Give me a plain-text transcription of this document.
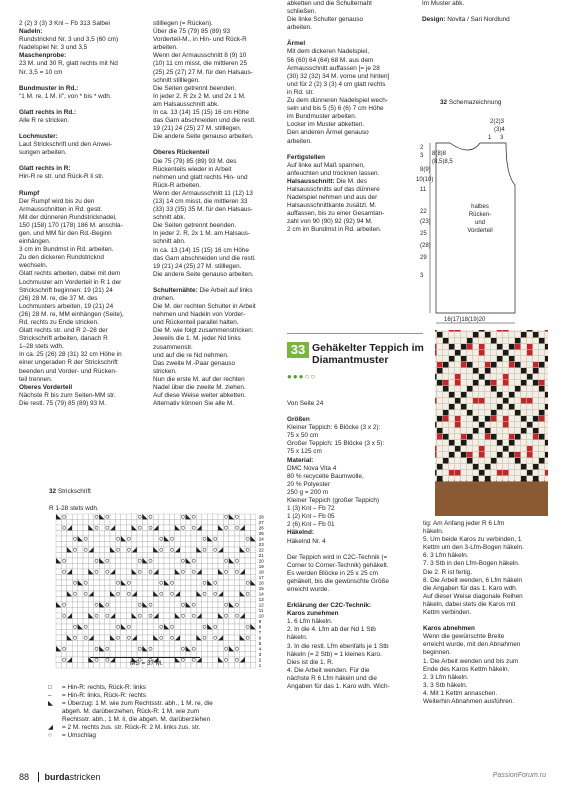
2 (2) 3 (3) 3 Knl – Fb 313 Salbei

Nadeln:

Rundstricknd Nr. 3 und 3,5 (60 cm)

Nadelspiel Nr. 3 und 3,5

Maschenprobe:

23 M. und 30 R, glatt rechts mit Nd

Nr. 3,5 = 10 cm

Bundmuster in Rd.:

"1 M. re, 1 M. li", von * bis * wdh.

Glatt rechts in Rd.:

Alle R re stricken.

Lochmuster:

Laut Strickschrift und den Anwei-

sungen arbeiten.

Glatt rechts in R:

Hin-R re str. und Rück-R li str.

Rumpf

Der Rumpf wird bis zu den

Armausschnitten in Rd. gestr.

Mit der dünneren Rundstricknadel,

150 (158) 170 (178) 186 M. anschla-

gen. und MM für den Rd.-Beginn

einhängen.

3 cm im Bundmst in Rd. arbeiten.

Zu den dickeren Rundstricknd

wechseln.

Glatt rechts arbeiten, dabei mit dem

Lochmuster am Vorderteil in R 1 der

Strickschrift beginnen: 19 (21) 24

(26) 28 M. re, die 37 M. des

Lochmusters arbeiten, 19 (21) 24

(26) 28 M. re, MM einhängen (Seite),

Rd. rechts zu Ende stricken.

Glatt rechts str. und R 2–28 der

Strickschrift arbeiten, danach R

1–28 stets wdh.

In ca. 25 (26) 28 (31) 32 cm Höhe in

einer ungeraden R der Strickschrift

beenden und Vorder- und Rücken-

teil trennen.

Oberes Vorderteil

Nächste R bis zum Seiten-MM str.

Die restl. 75 (79) 85 (89) 93 M.

stilllegen (= Rücken).

Über die 75 (79) 85 (89) 93

Vorderteil-M., in Hin- und Rück-R

arbeiten.

Wenn der Armausschnitt 8 (9) 10

(10) 11 cm misst, die mittleren 25

(25) 25 (27) 27 M. für den Halsaus-

schnitt stilllegen.

Die Seiten getrennt beenden.

In jeder 2. R 2x 2 M. und 2x 1 M.

am Halsausschnitt abk.

In ca. 13 (14) 15 (15) 16 cm Höhe

das Garn abschneiden und die restl.

19 (21) 24 (25) 27 M. stilllegen.

Die andere Seite genauso arbeiten.

Oberes Rückenteil

Die 75 (79) 85 (89) 93 M. des

Rückenteils wieder in Arbeit

nehmen und glatt rechts Hin- und

Rück-R arbeiten.

Wenn der Armausschnitt 11 (12) 13

(13) 14 cm misst, die mittleren 33

(33) 33 (35) 35 M. für den Halsaus-

schnitt abk.

Die Seiten getrennt beenden.

In jeder 2. R, 2x 1 M. am Halsaus-

schnitt abn.

In ca. 13 (14) 15 (15) 16 cm Höhe

das Garn abschneiden und die restl.

19 (21) 24 (25) 27 M. stilllegen.

Die andere Seite genauso arbeiten.

Schulternähte: Die Arbeit auf links

drehen.

Die M. der rechten Schulter in Arbeit

nehmen und Nadeln von Vorder-

und Rückenteil parallel halten.

Die M. wie folgt zusammenstricken:

Jeweils die 1. M. jeder Nd links

zusammenstr.

und auf die re Nd nehmen.

Das zweite M.-Paar genauso

stricken.

Nun die erste M. auf der rechten

Nadel über die zweite M. ziehen.

Auf diese Weise weiter abketten.

Alternativ können Sie alle M.

abketten und die Schulternaht

schließen.

Die linke Schulter genauso

arbeiten.

Ärmel

Mit dem dickeren Nadelspiel,

56 (60) 64 (64) 68 M. aus dem

Armausschnitt auffassen [= je 28

(30) 32 (32) 34 M. vorne und hinten]

und für 2 (2) 3 (3) 4 cm glatt rechts

in Rd. str.

Zu dem dünneren Nadelspiel wech-

seln und bis 5 (5) 6 (6) 7 cm Höhe

im Bundmuster arbeiten.

Locker im Muster abketten.

Den anderen Ärmel genauso

arbeiten.

Fertigstellen

Auf linke auf Maß spannen,

anfeuchten und trocknen lassen.

Halsausschnitt: Die M. des

Halsausschnitts auf das dünnere

Nadelspiel nehmen und aus der

Halsausschnittkante zusätzl. M.

auffassen, bis zu einer Gesamtan-

zahl von 90 (90) 92 (92) 94 M.

2 cm im Bundmst in Rd. arbeiten.

Im Muster abk.

Design: Novita / Sari Nordlund

33 Gehäkelter Teppich im
Diamantmuster
●●●○○

Von Seite 24

Größen

Kleiner Teppich: 6 Blöcke (3 x 2):

75 x 50 cm

Großer Teppich: 15 Blöcke (3 x 5):

75 x 125 cm

Material:

DMC Nova Vita 4

80 % recycelte Baumwolle,

20 % Polyester

250 g = 200 m

Kleiner Teppich (großer Teppich)

1 (3) Knl – Fb 72

1 (2) Knl – Fb 05

2 (6) Knl – Fb 01

Häkelnd:

Häkelnd Nr. 4

Der Teppich wird in C2C-Technik (=

Corner to Corner-Technik) gehäkelt.

Es werden Blöcke in 25 x 25 cm

gehäkelt, bis die gewünschte Größe

erreicht wurde.

Erklärung der C2C-Technik:

Karos zunehmen

1. 6 Lfm häkeln.

2. In die 4. Lfm ab der Nd 1 Stb

häkeln.

3. In die restl. Lfm ebenfalls je 1 Stb

häkeln (= 2 Stb) = 1 kleines Karo.

Dies ist die 1. R.

4. Die Arbeit wenden. Für die

nächste R 6 Lfm häkeln und die

Angaben für das 1. Karo wdh. Wich-

tig: Am Anfang jeder R 6 Lfm

häkeln.

5. Um beide Karos zu verbinden, 1

Kettm um den 3-Lfm-Bogen häkeln.

6. 3 Lfm häkeln.

7. 3 Stb in den Lfm-Bogen häkeln.

Die 2. R ist fertig.

8. Die Arbeit wenden, 6 Lfm häkeln

die Angaben für das 1. Karo wdh.

Auf dieser Weise diagonale Reihen

häkeln, dabei stets die Karos mit

Kettm verbinden.

Karos abnehmen

Wenn die gewünschte Breite

erreicht wurde, mit den Abnahmen

beginnen.

1. Die Arbeit wenden und bis zum

Ende des Karos Kettm häkeln.

2. 3 Lfm häkeln.

3. 3 Stb häkeln.

4. Mit 1 Kettm annaschen.

Weiterhin Abnahmen ausführen.

32 Schemazeichnung
2(2)3
(3)4
8(8)8
(8,5)8,5
1 3
2
3
8(9)
10(10)
11
22
(23)
25
(28)
29
3
16(17)18(19)20
halbes
Rücken-
und
Vorderteil
32 Strickschrift
R 1-28 stets wdh.
28
27
26
25
24
23
22
21
20
19
18
17
16
15
14
13
12
11
10
9
8
7
6
5
4
3
2
1
MS = 37 M.
□	= Hin-R: rechts, Rück-R: links
–	= Hin-R: links, Rück-R: rechts
◣	= Überzug: 1 M. wie zum Rechtsstr. abh., 1 M. re, die
abgeh. M. darüberziehen, Rück-R: 1 M. wie zum
Rechtsstr. abh., 1 M. li, die abgeh. M. darüberziehen
◢	= 2 M. rechts zus. str. Rück-R: 2 M. links zus. str.
○	= Umschlag
88 burdastricken	PassionForum.ru
